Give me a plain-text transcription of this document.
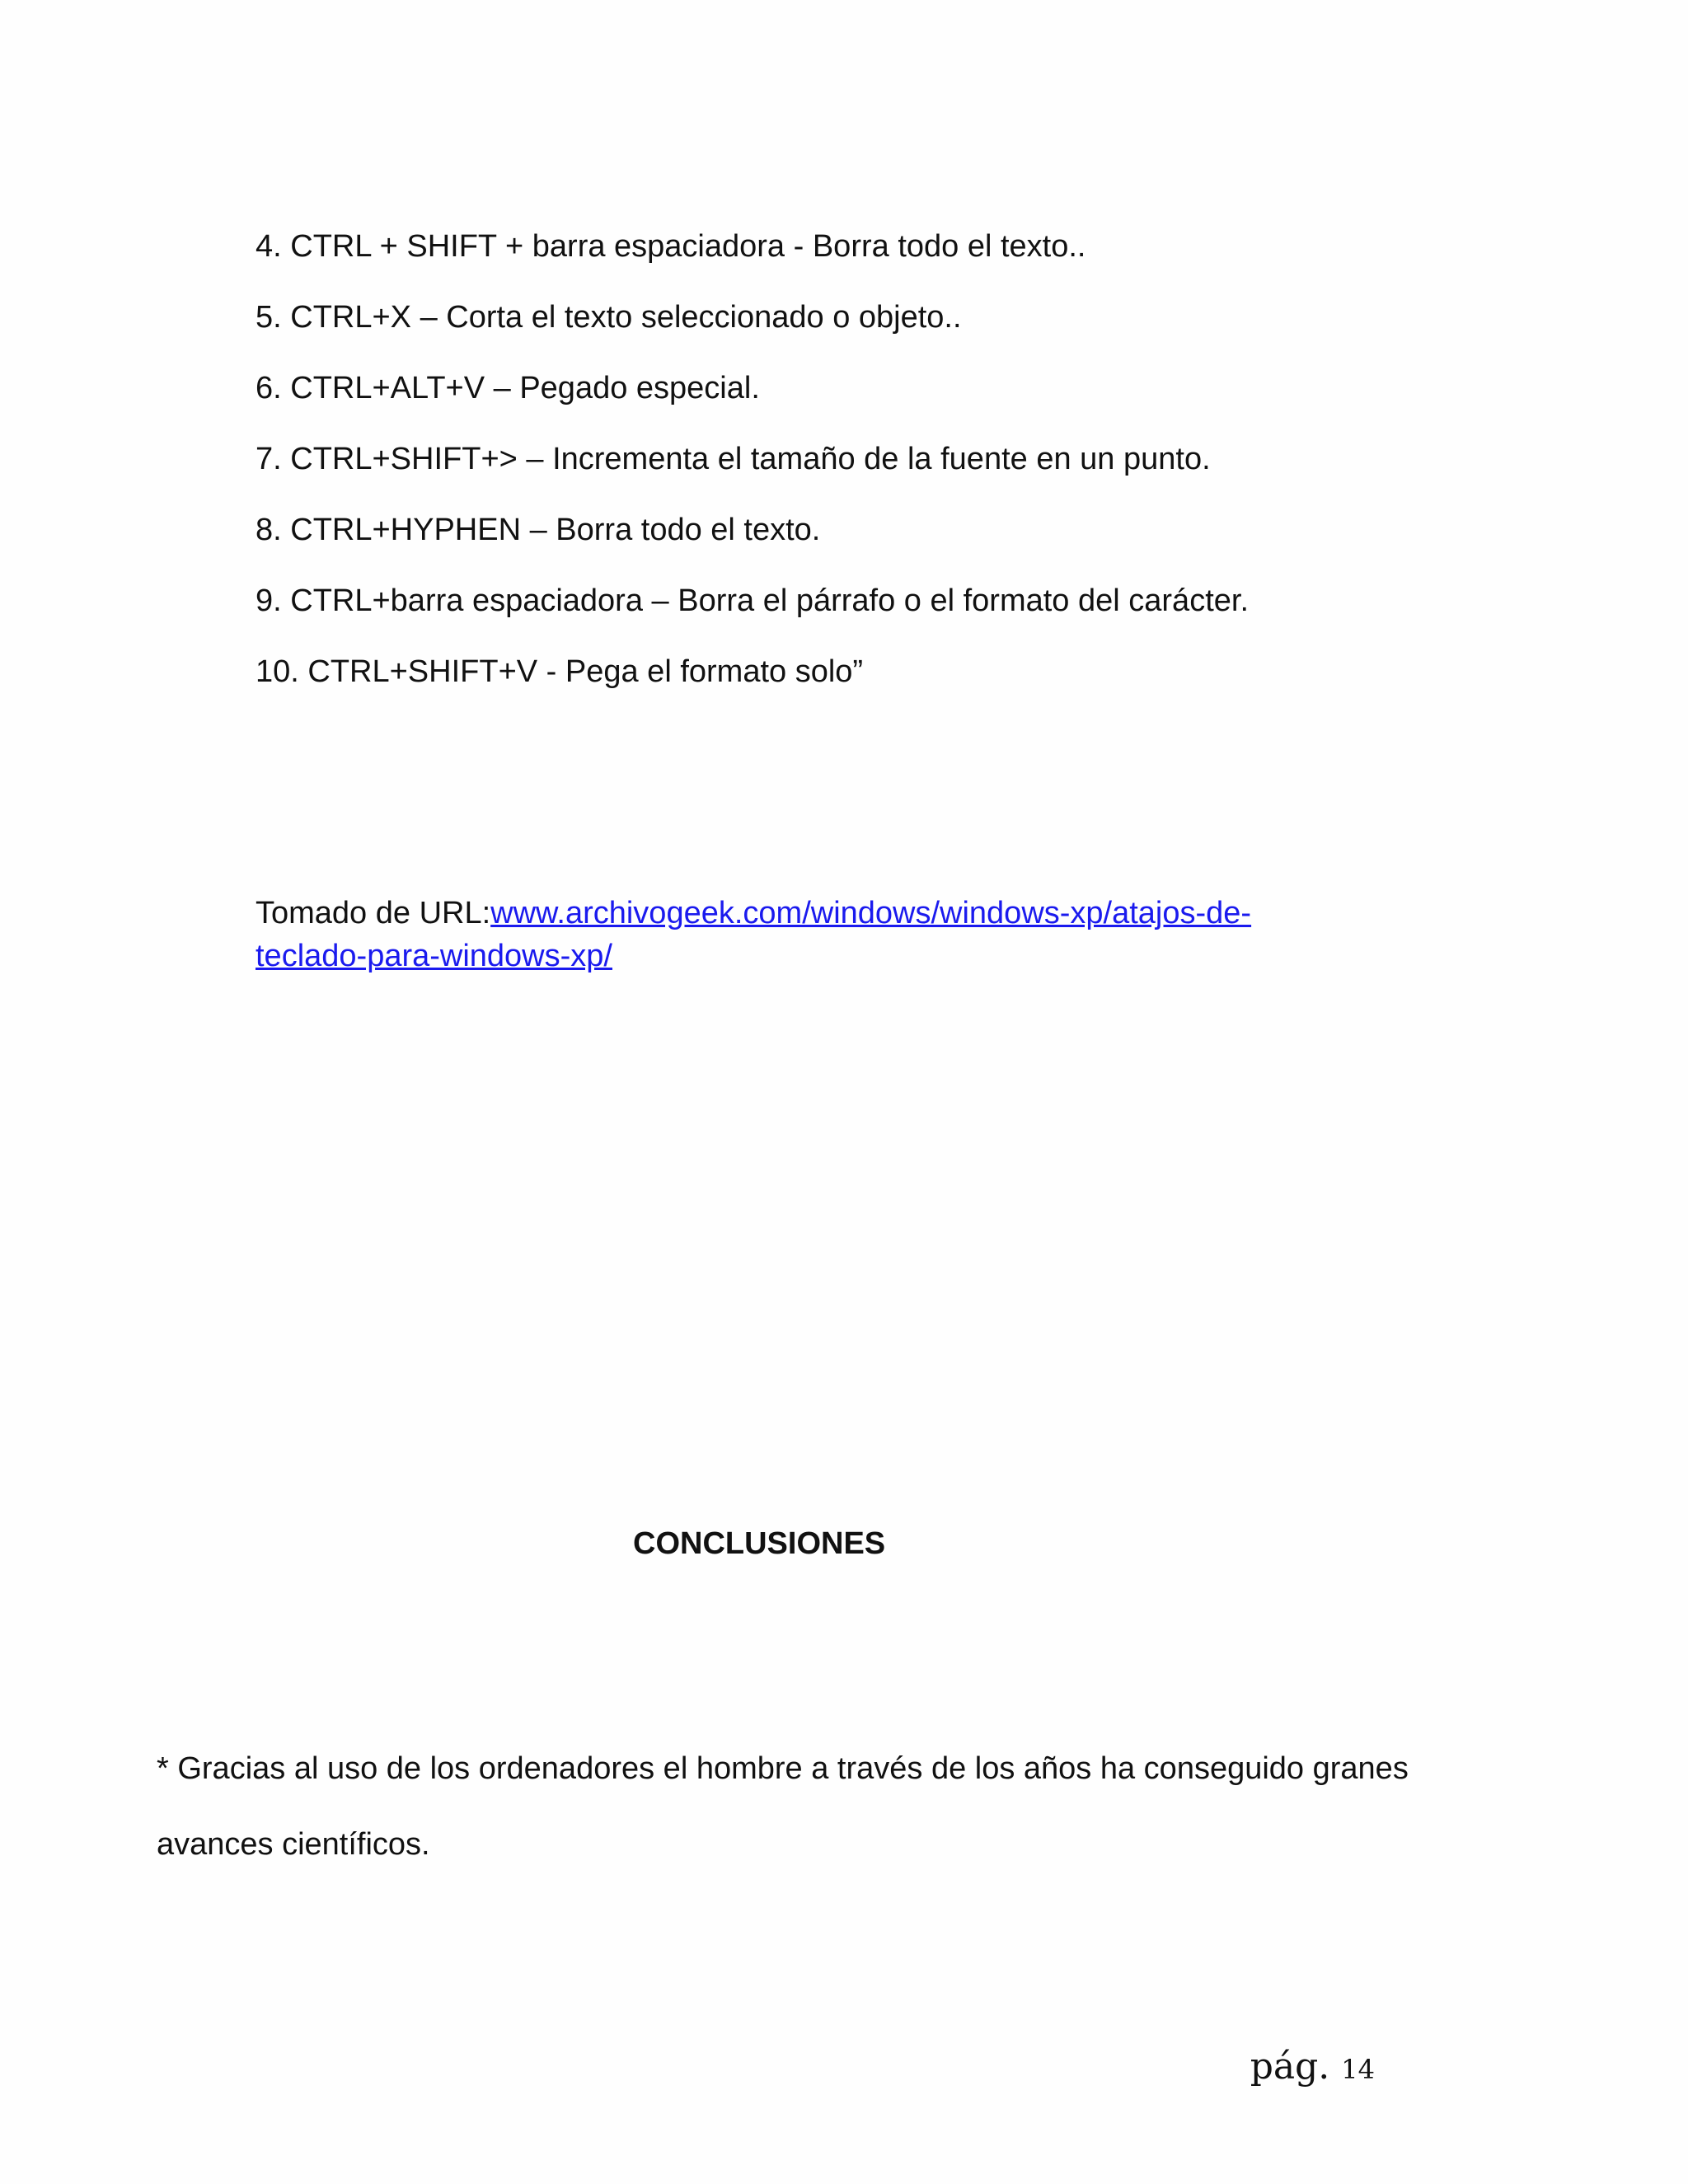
4. CTRL + SHIFT + barra espaciadora - Borra todo el texto..
5. CTRL+X – Corta el texto seleccionado o objeto..
6. CTRL+ALT+V – Pegado especial.
7. CTRL+SHIFT+> – Incrementa el tamaño de la fuente en un punto.
8. CTRL+HYPHEN – Borra todo el texto.
9. CTRL+barra espaciadora – Borra el párrafo o el formato del carácter.
10. CTRL+SHIFT+V - Pega el formato solo”
Tomado de URL:www.archivogeek.com/windows/windows-xp/atajos-de-teclado-para-windows-xp/
CONCLUSIONES
* Gracias al uso de los ordenadores el hombre a través de los años ha conseguido granes avances científicos.
pág. 14
